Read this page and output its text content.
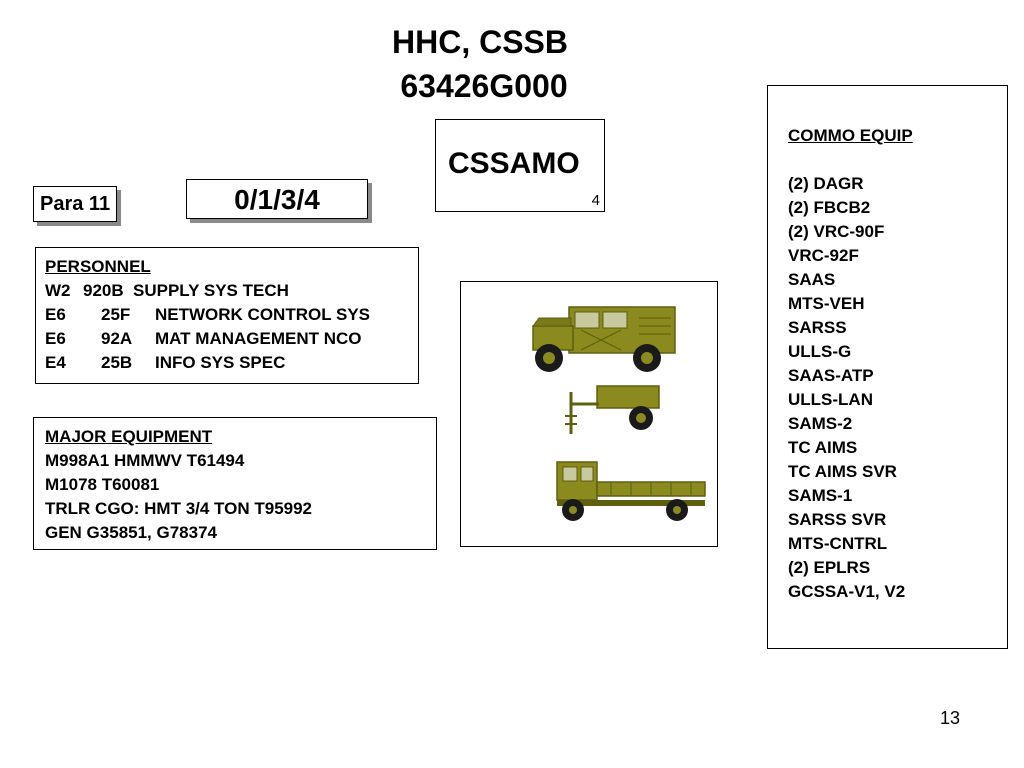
HHC, CSSB
63426G000
CSSAMO
4
Para 11	0/1/3/4
PERSONNEL
W2 920B SUPPLY SYS TECH
E6 25F NETWORK CONTROL SYS
E6 92A MAT MANAGEMENT NCO
E4 25B INFO SYS SPEC
MAJOR EQUIPMENT
M998A1 HMMWV T61494
M1078 T60081
TRLR CGO: HMT 3/4 TON T95992
GEN G35851, G78374
COMMO EQUIP
(2) DAGR
(2) FBCB2
(2) VRC-90F
VRC-92F
SAAS
MTS-VEH
SARSS
ULLS-G
SAAS-ATP
ULLS-LAN
SAMS-2
TC AIMS
TC AIMS SVR
SAMS-1
SARSS SVR
MTS-CNTRL
(2) EPLRS
GCSSA-V1, V2
13
